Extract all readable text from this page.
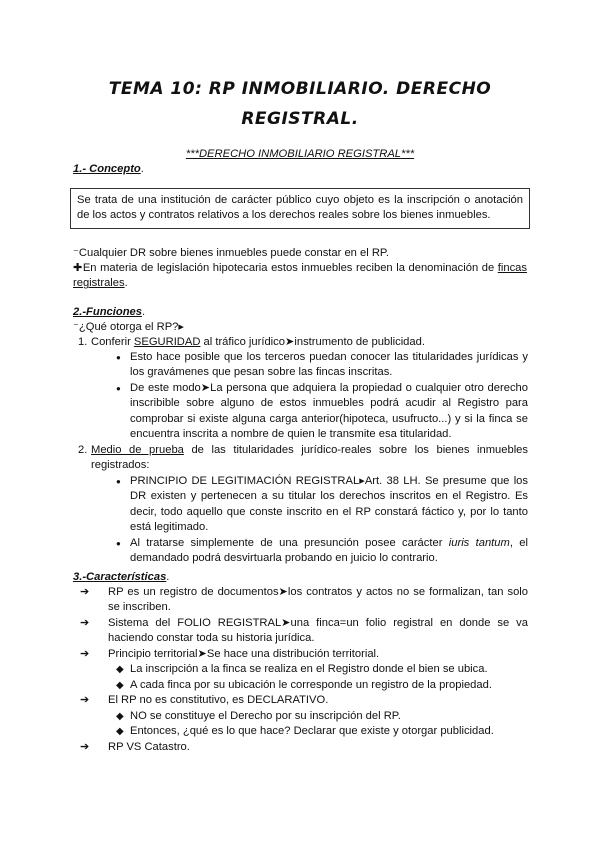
TEMA 10: RP INMOBILIARIO. DERECHO
REGISTRAL.
***DERECHO INMOBILIARIO REGISTRAL***
1.- Concepto.
Se trata de una institución de carácter público cuyo objeto es la inscripción o anotación de los actos y contratos relativos a los derechos reales sobre los bienes inmuebles.
⁻Cualquier DR sobre bienes inmuebles puede constar en el RP.
✚En materia de legislación hipotecaria estos inmuebles reciben la denominación de fincas registrales.
2.-Funciones.
⁻¿Qué otorga el RP?▸
1. Conferir SEGURIDAD al tráfico jurídico➤instrumento de publicidad.
● Esto hace posible que los terceros puedan conocer las titularidades jurídicas y los gravámenes que pesan sobre las fincas inscritas.
● De este modo➤La persona que adquiera la propiedad o cualquier otro derecho inscribible sobre alguno de estos inmuebles podrá acudir al Registro para comprobar si existe alguna carga anterior(hipoteca, usufructo...) y si la finca se encuentra inscrita a nombre de quien le transmite esa titularidad.
2. Medio de prueba de las titularidades jurídico-reales sobre los bienes inmuebles registrados:
● PRINCIPIO DE LEGITIMACIÓN REGISTRAL▸Art. 38 LH. Se presume que los DR existen y pertenecen a su titular los derechos inscritos en el Registro. Es decir, todo aquello que conste inscrito en el RP constará fáctico y, por lo tanto está legitimado.
● Al tratarse simplemente de una presunción posee carácter iuris tantum, el demandado podrá desvirtuarla probando en juicio lo contrario.
3.-Características.
➔	RP es un registro de documentos➤los contratos y actos no se formalizan, tan solo se inscriben.
➔	Sistema del FOLIO REGISTRAL➤una finca=un folio registral en donde se va haciendo constar toda su historia jurídica.
➔	Principio territorial➤Se hace una distribución territorial.
◆ La inscripción a la finca se realiza en el Registro donde el bien se ubica.
◆ A cada finca por su ubicación le corresponde un registro de la propiedad.
➔	El RP no es constitutivo, es DECLARATIVO.
◆ NO se constituye el Derecho por su inscripción del RP.
◆ Entonces, ¿qué es lo que hace? Declarar que existe y otorgar publicidad.
➔	RP VS Catastro.
